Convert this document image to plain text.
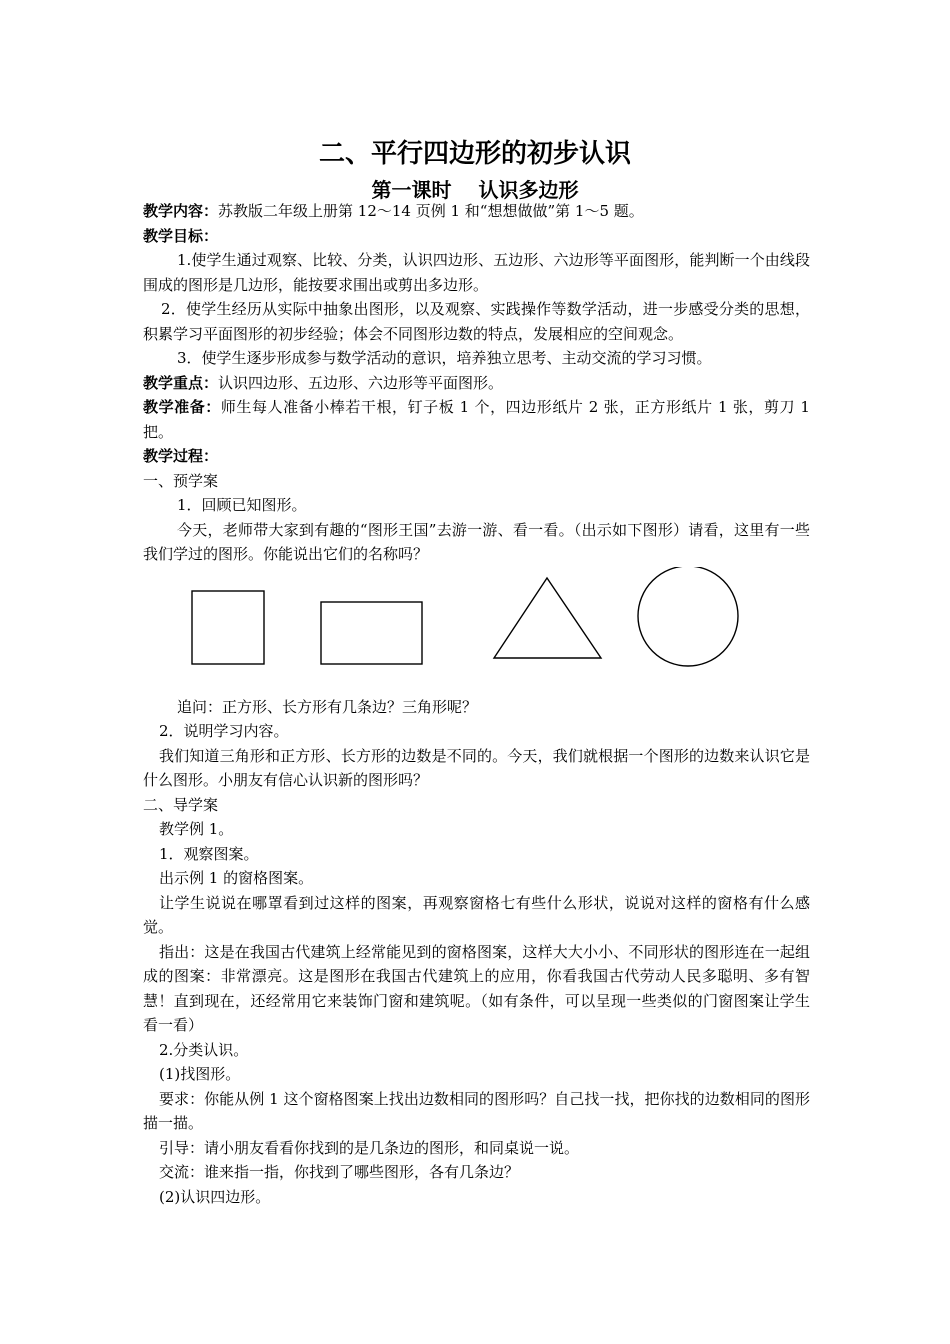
二、平行四边形的初步认识
第一课时　 认识多边形

教学内容：苏教版二年级上册第 12～14 页例 1 和“想想做做”第 1～5 题。

教学目标：

1.使学生通过观察、比较、分类，认识四边形、五边形、六边形等平面图形，能判断一个由线段围成的图形是几边形，能按要求围出或剪出多边形。

2．使学生经历从实际中抽象出图形，以及观察、实践操作等数学活动，进一步感受分类的思想，积累学习平面图形的初步经验；体会不同图形边数的特点，发展相应的空间观念。

3．使学生逐步形成参与数学活动的意识，培养独立思考、主动交流的学习习惯。

教学重点：认识四边形、五边形、六边形等平面图形。

教学准备：师生每人准备小棒若干根，钉子板 1 个，四边形纸片 2 张，正方形纸片 1 张，剪刀 1 把。

教学过程：

一、预学案

1．回顾已知图形。

今天，老师带大家到有趣的“图形王国”去游一游、看一看。（出示如下图形）请看，这里有一些我们学过的图形。你能说出它们的名称吗？

追问：正方形、长方形有几条边？三角形呢？

2．说明学习内容。

我们知道三角形和正方形、长方形的边数是不同的。今天，我们就根据一个图形的边数来认识它是什么图形。小朋友有信心认识新的图形吗？

二、导学案

教学例 1。

1．观察图案。

出示例 1 的窗格图案。

让学生说说在哪罩看到过这样的图案，再观察窗格七有些什么形状，说说对这样的窗格有什么感觉。

指出：这是在我国古代建筑上经常能见到的窗格图案，这样大大小小、不同形状的图形连在一起组成的图案：非常漂亮。这是图形在我国古代建筑上的应用，你看我国古代劳动人民多聪明、多有智慧！直到现在，还经常用它来装饰门窗和建筑呢。（如有条件，可以呈现一些类似的门窗图案让学生看一看）

2.分类认识。

(1)找图形。

要求：你能从例 1 这个窗格图案上找出边数相同的图形吗？自己找一找，把你找的边数相同的图形描一描。

引导：请小朋友看看你找到的是几条边的图形，和同桌说一说。

交流：谁来指一指，你找到了哪些图形，各有几条边？

(2)认识四边形。
